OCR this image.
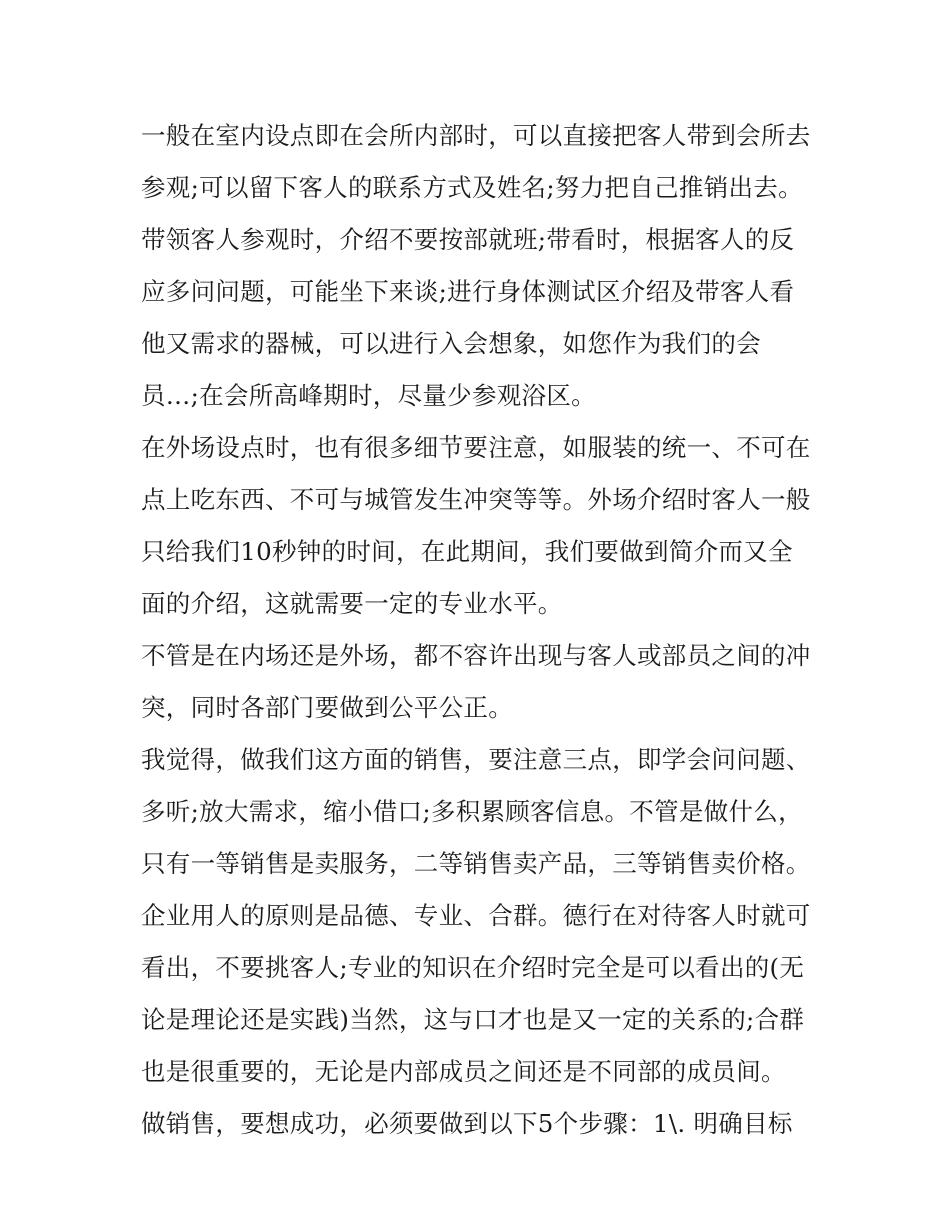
一般在室内设点即在会所内部时，可以直接把客人带到会所去
参观;可以留下客人的联系方式及姓名;努力把自己推销出去。
带领客人参观时，介绍不要按部就班;带看时，根据客人的反
应多问问题，可能坐下来谈;进行身体测试区介绍及带客人看
他又需求的器械，可以进行入会想象，如您作为我们的会
员…;在会所高峰期时，尽量少参观浴区。
在外场设点时，也有很多细节要注意，如服装的统一、不可在
点上吃东西、不可与城管发生冲突等等。外场介绍时客人一般
只给我们10秒钟的时间，在此期间，我们要做到简介而又全
面的介绍，这就需要一定的专业水平。
不管是在内场还是外场，都不容许出现与客人或部员之间的冲
突，同时各部门要做到公平公正。
我觉得，做我们这方面的销售，要注意三点，即学会问问题、
多听;放大需求，缩小借口;多积累顾客信息。不管是做什么，
只有一等销售是卖服务，二等销售卖产品，三等销售卖价格。
企业用人的原则是品德、专业、合群。德行在对待客人时就可
看出，不要挑客人;专业的知识在介绍时完全是可以看出的(无
论是理论还是实践)当然，这与口才也是又一定的关系的;合群
也是很重要的，无论是内部成员之间还是不同部的成员间。
做销售，要想成功，必须要做到以下5个步骤：1\. 明确目标
